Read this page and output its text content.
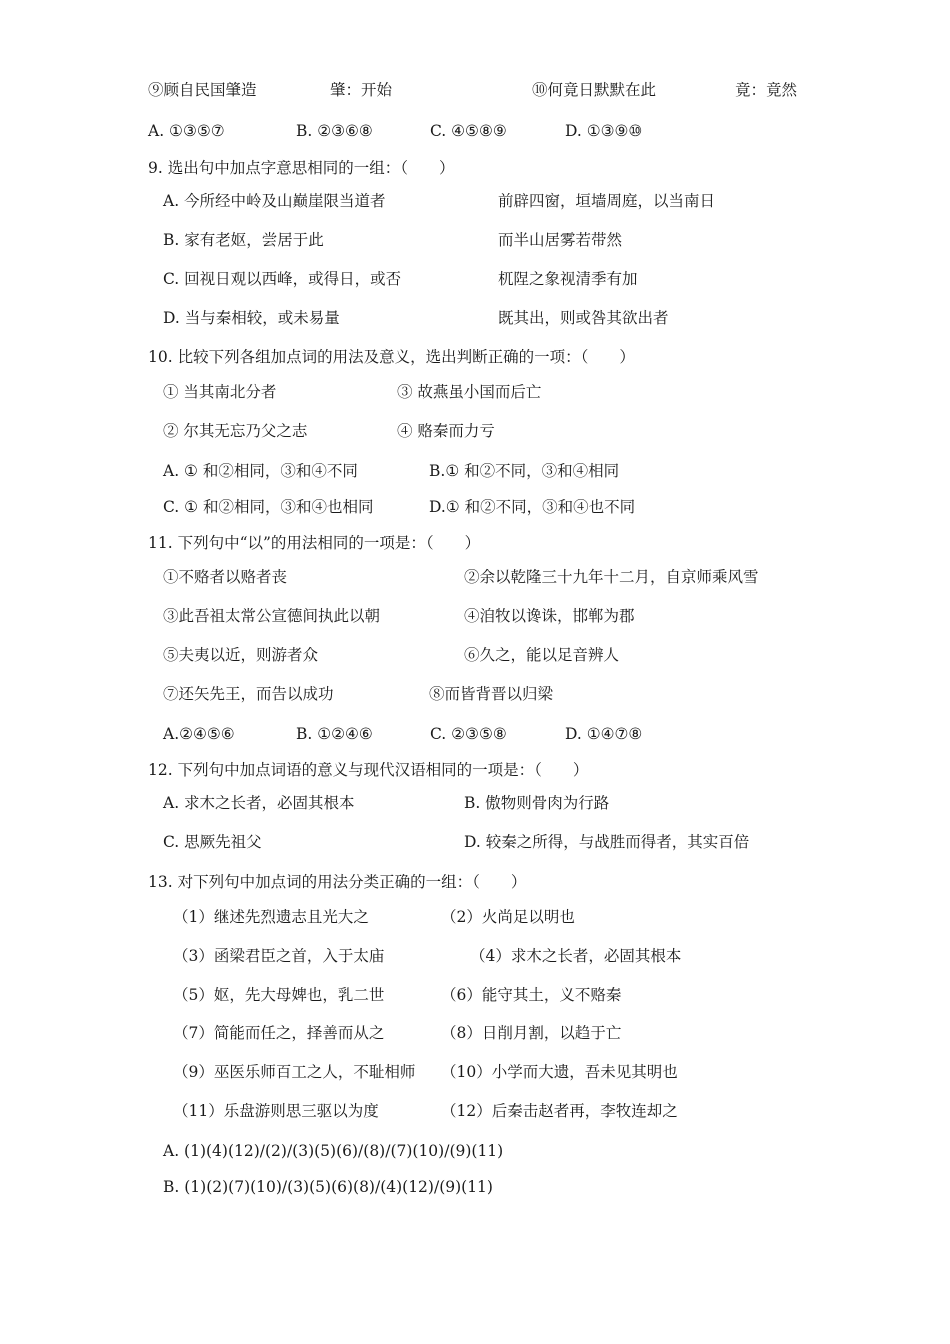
⑨顾自民国肇造	肇：开始	⑩何竟日默默在此	竟：竟然
A. ①③⑤⑦	B. ②③⑥⑧	C. ④⑤⑧⑨	D. ①③⑨⑩
9. 选出句中加点字意思相同的一组：（　　）
A. 今所经中岭及山巅崖限当道者	前辟四窗，垣墙周庭，以当南日
B. 家有老妪，尝居于此	而半山居雾若带然
C. 回视日观以西峰，或得日，或否	杌陧之象视清季有加
D. 当与秦相较，或未易量	既其出，则或咎其欲出者
10. 比较下列各组加点词的用法及意义，选出判断正确的一项：（　　）
① 当其南北分者	③ 故燕虽小国而后亡
② 尔其无忘乃父之志	④ 赂秦而力亏
A. ① 和②相同，③和④不同	B.① 和②不同，③和④相同
C. ① 和②相同，③和④也相同	D.① 和②不同，③和④也不同
11. 下列句中“以”的用法相同的一项是：（　　）
①不赂者以赂者丧	②余以乾隆三十九年十二月，自京师乘风雪
③此吾祖太常公宣德间执此以朝	④洎牧以谗诛，邯郸为郡
⑤夫夷以近，则游者众	⑥久之，能以足音辨人
⑦还矢先王，而告以成功	⑧而皆背晋以归梁
A.②④⑤⑥	B. ①②④⑥	C. ②③⑤⑧	D. ①④⑦⑧
12. 下列句中加点词语的意义与现代汉语相同的一项是：（　　）
A. 求木之长者，必固其根本	B. 傲物则骨肉为行路
C. 思厥先祖父	D. 较秦之所得，与战胜而得者，其实百倍
13. 对下列句中加点词的用法分类正确的一组：（　　）
（1）继述先烈遗志且光大之	（2）火尚足以明也
（3）函梁君臣之首，入于太庙	（4）求木之长者，必固其根本
（5）妪，先大母婢也，乳二世	（6）能守其土，义不赂秦
（7）简能而任之，择善而从之	（8）日削月割，以趋于亡
（9）巫医乐师百工之人，不耻相师 （10）小学而大遗，吾未见其明也
（11）乐盘游则思三驱以为度	（12）后秦击赵者再，李牧连却之
A. (1)(4)(12)/(2)/(3)(5)(6)/(8)/(7)(10)/(9)(11)
B. (1)(2)(7)(10)/(3)(5)(6)(8)/(4)(12)/(9)(11)
